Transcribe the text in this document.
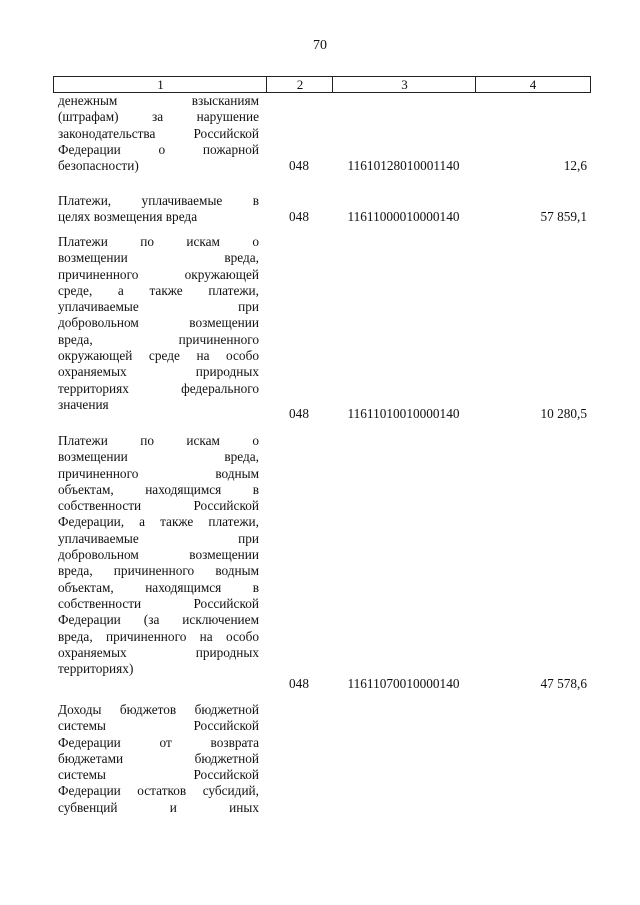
70
1	2	3	4
денежным взысканиям
(штрафам) за нарушение
законодательства Российской
Федерации о пожарной
безопасности)	048	11610128010001140	12,6
Платежи, уплачиваемые в
целях возмещения вреда	048	11611000010000140	57 859,1
Платежи по искам о
возмещении вреда,
причиненного окружающей
среде, а также платежи,
уплачиваемые при
добровольном возмещении
вреда, причиненного
окружающей среде на особо
охраняемых природных
территориях федерального
значения
048	11611010010000140	10 280,5
Платежи по искам о
возмещении вреда,
причиненного водным
объектам, находящимся в
собственности Российской
Федерации, а также платежи,
уплачиваемые при
добровольном возмещении
вреда, причиненного водным
объектам, находящимся в
собственности Российской
Федерации (за исключением
вреда, причиненного на особо
охраняемых природных
территориях)
048	11611070010000140	47 578,6
Доходы бюджетов бюджетной
системы Российской
Федерации от возврата
бюджетами бюджетной
системы Российской
Федерации остатков субсидий,
субвенций и иных
